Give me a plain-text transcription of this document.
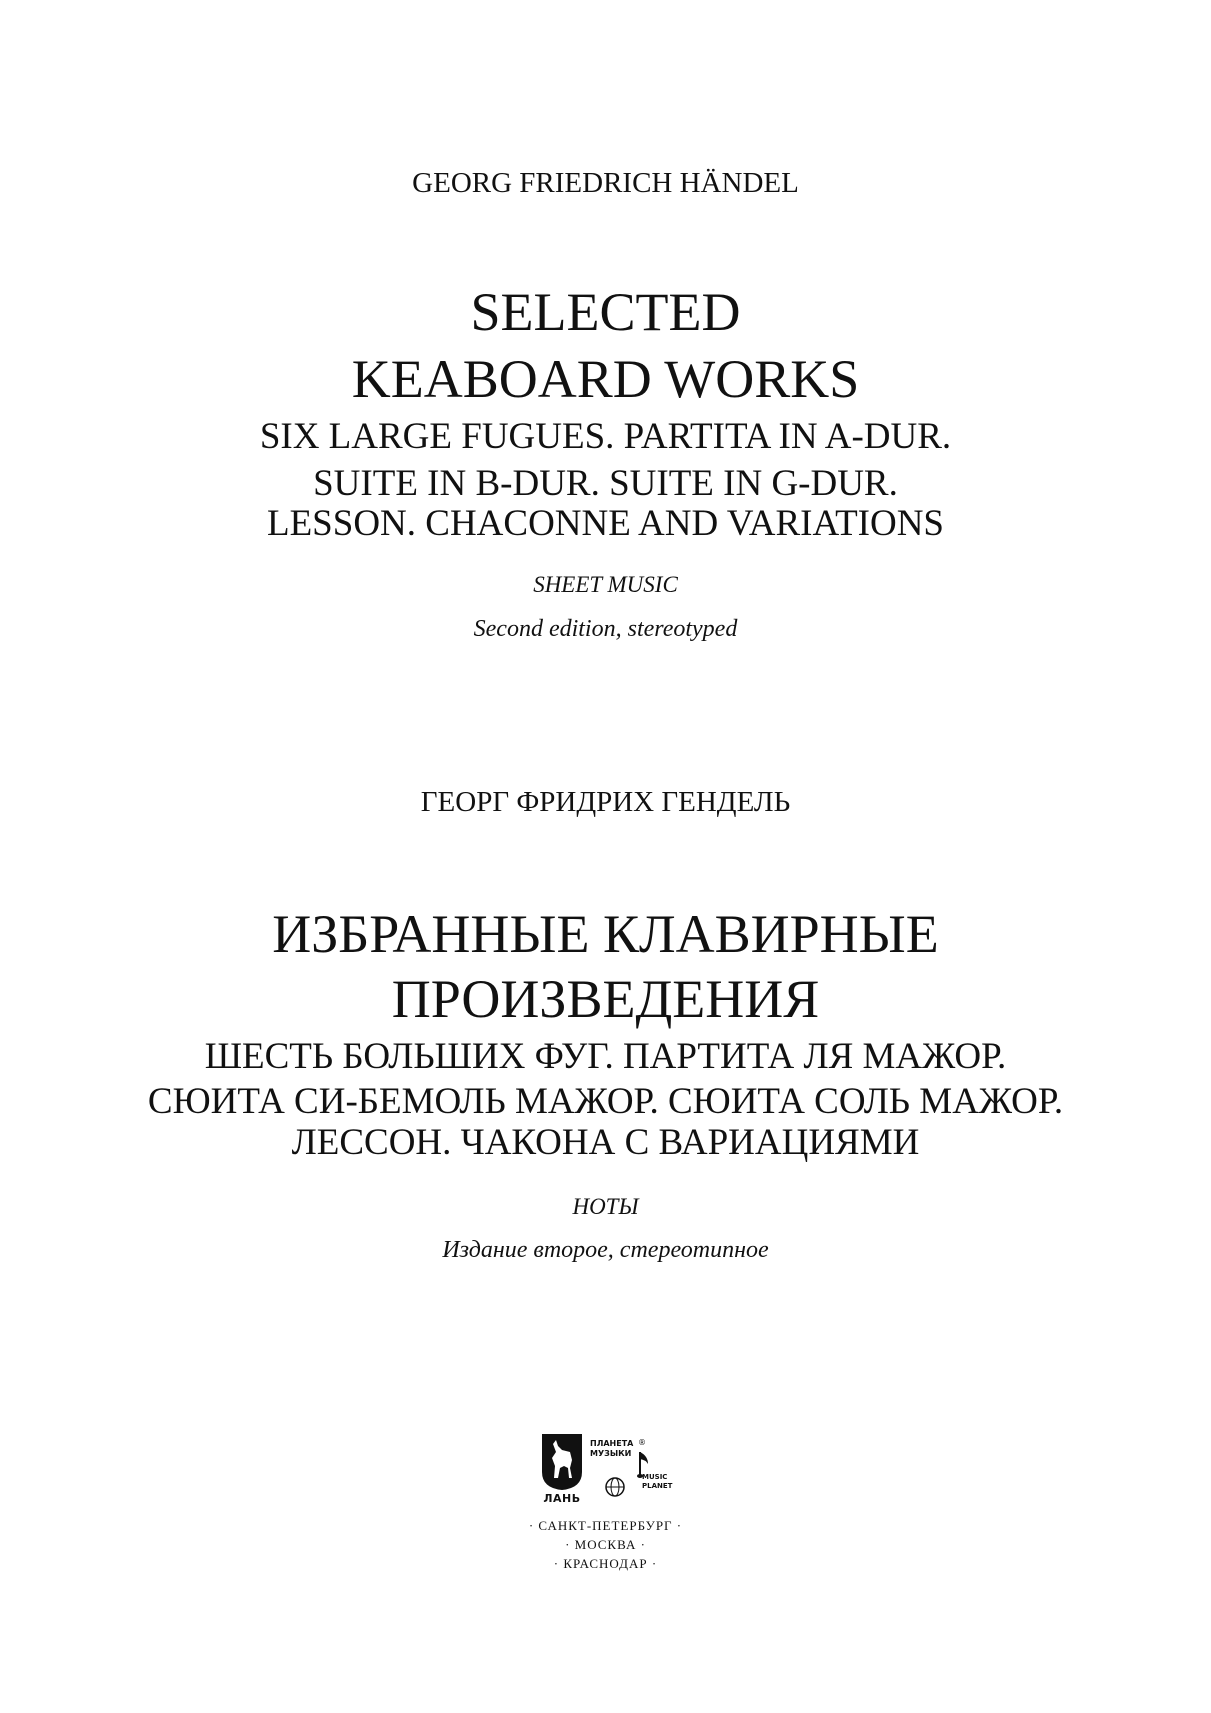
GEORG FRIEDRICH HÄNDEL
SELECTED
KEABOARD WORKS
SIX LARGE FUGUES. PARTITA IN A-DUR.
SUITE IN B-DUR. SUITE IN G-DUR.
LESSON. CHACONNE AND VARIATIONS
SHEET MUSIC
Second edition, stereotyped
ГЕОРГ ФРИДРИХ ГЕНДЕЛЬ
ИЗБРАННЫЕ КЛАВИРНЫЕ
ПРОИЗВЕДЕНИЯ
ШЕСТЬ БОЛЬШИХ ФУГ. ПАРТИТА ЛЯ МАЖОР.
СЮИТА СИ-БЕМОЛЬ МАЖОР. СЮИТА СОЛЬ МАЖОР.
ЛЕССОН. ЧАКОНА С ВАРИАЦИЯМИ
НОТЫ
Издание второе, стереотипное
ЛАНЬ
ПЛАНЕТА
МУЗЫКИ
®
MUSIC
PLANET
· САНКТ-ПЕТЕРБУРГ ·
· МОСКВА ·
· КРАСНОДАР ·
